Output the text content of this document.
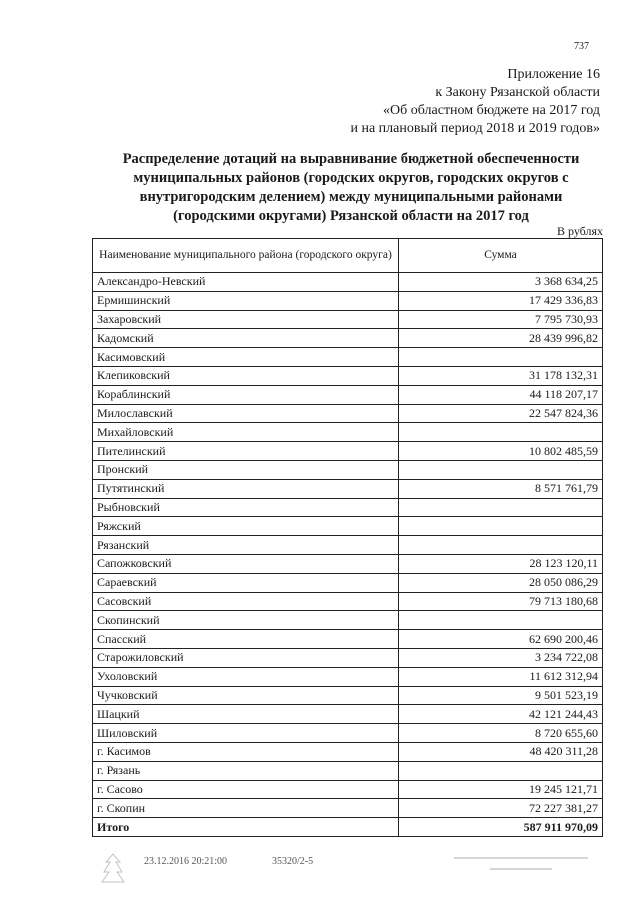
737
Приложение 16
к Закону Рязанской области
«Об областном бюджете на 2017 год
и на плановый период 2018 и 2019 годов»
Распределение дотаций на выравнивание бюджетной обеспеченности
муниципальных районов (городских округов, городских округов с
внутригородским делением) между муниципальными районами
(городскими округами) Рязанской области на 2017 год
В рублях
Наименование муниципального района (городского округа)	Сумма
Александро-Невский	3 368 634,25
Ермишинский	17 429 336,83
Захаровский	7 795 730,93
Кадомский	28 439 996,82
Касимовский	
Клепиковский	31 178 132,31
Кораблинский	44 118 207,17
Милославский	22 547 824,36
Михайловский	
Пителинский	10 802 485,59
Пронский	
Путятинский	8 571 761,79
Рыбновский	
Ряжский	
Рязанский	
Сапожковский	28 123 120,11
Сараевский	28 050 086,29
Сасовский	79 713 180,68
Скопинский	
Спасский	62 690 200,46
Старожиловский	3 234 722,08
Ухоловский	11 612 312,94
Чучковский	9 501 523,19
Шацкий	42 121 244,43
Шиловский	8 720 655,60
г. Касимов	48 420 311,28
г. Рязань	
г. Сасово	19 245 121,71
г. Скопин	72 227 381,27
Итого	587 911 970,09
23.12.2016 20:21:00	35320/2-5
